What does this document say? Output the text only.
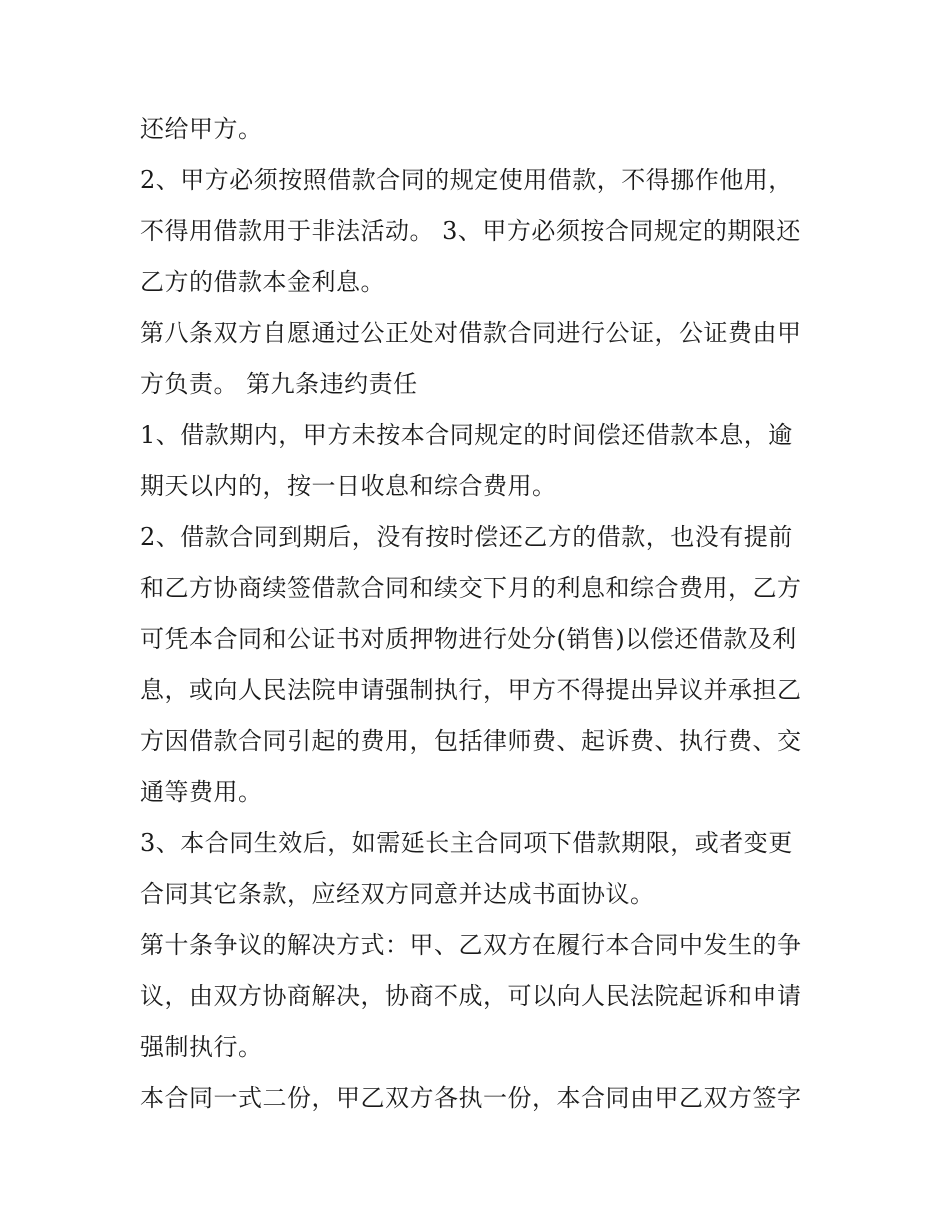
还给甲方。
2、甲方必须按照借款合同的规定使用借款，不得挪作他用，
不得用借款用于非法活动。 3、甲方必须按合同规定的期限还
乙方的借款本金利息。
第八条双方自愿通过公正处对借款合同进行公证，公证费由甲
方负责。 第九条违约责任
1、借款期内，甲方未按本合同规定的时间偿还借款本息，逾
期天以内的，按一日收息和综合费用。
2、借款合同到期后，没有按时偿还乙方的借款，也没有提前
和乙方协商续签借款合同和续交下月的利息和综合费用，乙方
可凭本合同和公证书对质押物进行处分(销售)以偿还借款及利
息，或向人民法院申请强制执行，甲方不得提出异议并承担乙
方因借款合同引起的费用，包括律师费、起诉费、执行费、交
通等费用。
3、本合同生效后，如需延长主合同项下借款期限，或者变更
合同其它条款，应经双方同意并达成书面协议。
第十条争议的解决方式：甲、乙双方在履行本合同中发生的争
议，由双方协商解决，协商不成，可以向人民法院起诉和申请
强制执行。
本合同一式二份，甲乙双方各执一份，本合同由甲乙双方签字
